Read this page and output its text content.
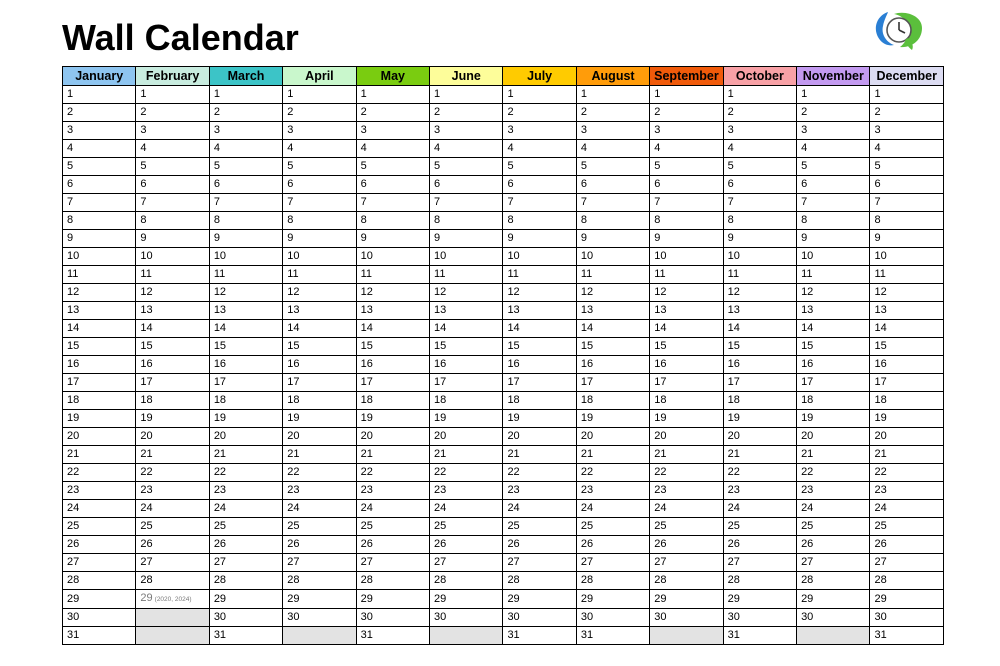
Wall Calendar
January	February	March	April	May	June	July	August	September	October	November	December
1	1	1	1	1	1	1	1	1	1	1	1
2	2	2	2	2	2	2	2	2	2	2	2
3	3	3	3	3	3	3	3	3	3	3	3
4	4	4	4	4	4	4	4	4	4	4	4
5	5	5	5	5	5	5	5	5	5	5	5
6	6	6	6	6	6	6	6	6	6	6	6
7	7	7	7	7	7	7	7	7	7	7	7
8	8	8	8	8	8	8	8	8	8	8	8
9	9	9	9	9	9	9	9	9	9	9	9
10	10	10	10	10	10	10	10	10	10	10	10
11	11	11	11	11	11	11	11	11	11	11	11
12	12	12	12	12	12	12	12	12	12	12	12
13	13	13	13	13	13	13	13	13	13	13	13
14	14	14	14	14	14	14	14	14	14	14	14
15	15	15	15	15	15	15	15	15	15	15	15
16	16	16	16	16	16	16	16	16	16	16	16
17	17	17	17	17	17	17	17	17	17	17	17
18	18	18	18	18	18	18	18	18	18	18	18
19	19	19	19	19	19	19	19	19	19	19	19
20	20	20	20	20	20	20	20	20	20	20	20
21	21	21	21	21	21	21	21	21	21	21	21
22	22	22	22	22	22	22	22	22	22	22	22
23	23	23	23	23	23	23	23	23	23	23	23
24	24	24	24	24	24	24	24	24	24	24	24
25	25	25	25	25	25	25	25	25	25	25	25
26	26	26	26	26	26	26	26	26	26	26	26
27	27	27	27	27	27	27	27	27	27	27	27
28	28	28	28	28	28	28	28	28	28	28	28
29	29 (2020, 2024)	29	29	29	29	29	29	29	29	29	29
30		30	30	30	30	30	30	30	30	30	30
31		31		31		31	31		31		31
